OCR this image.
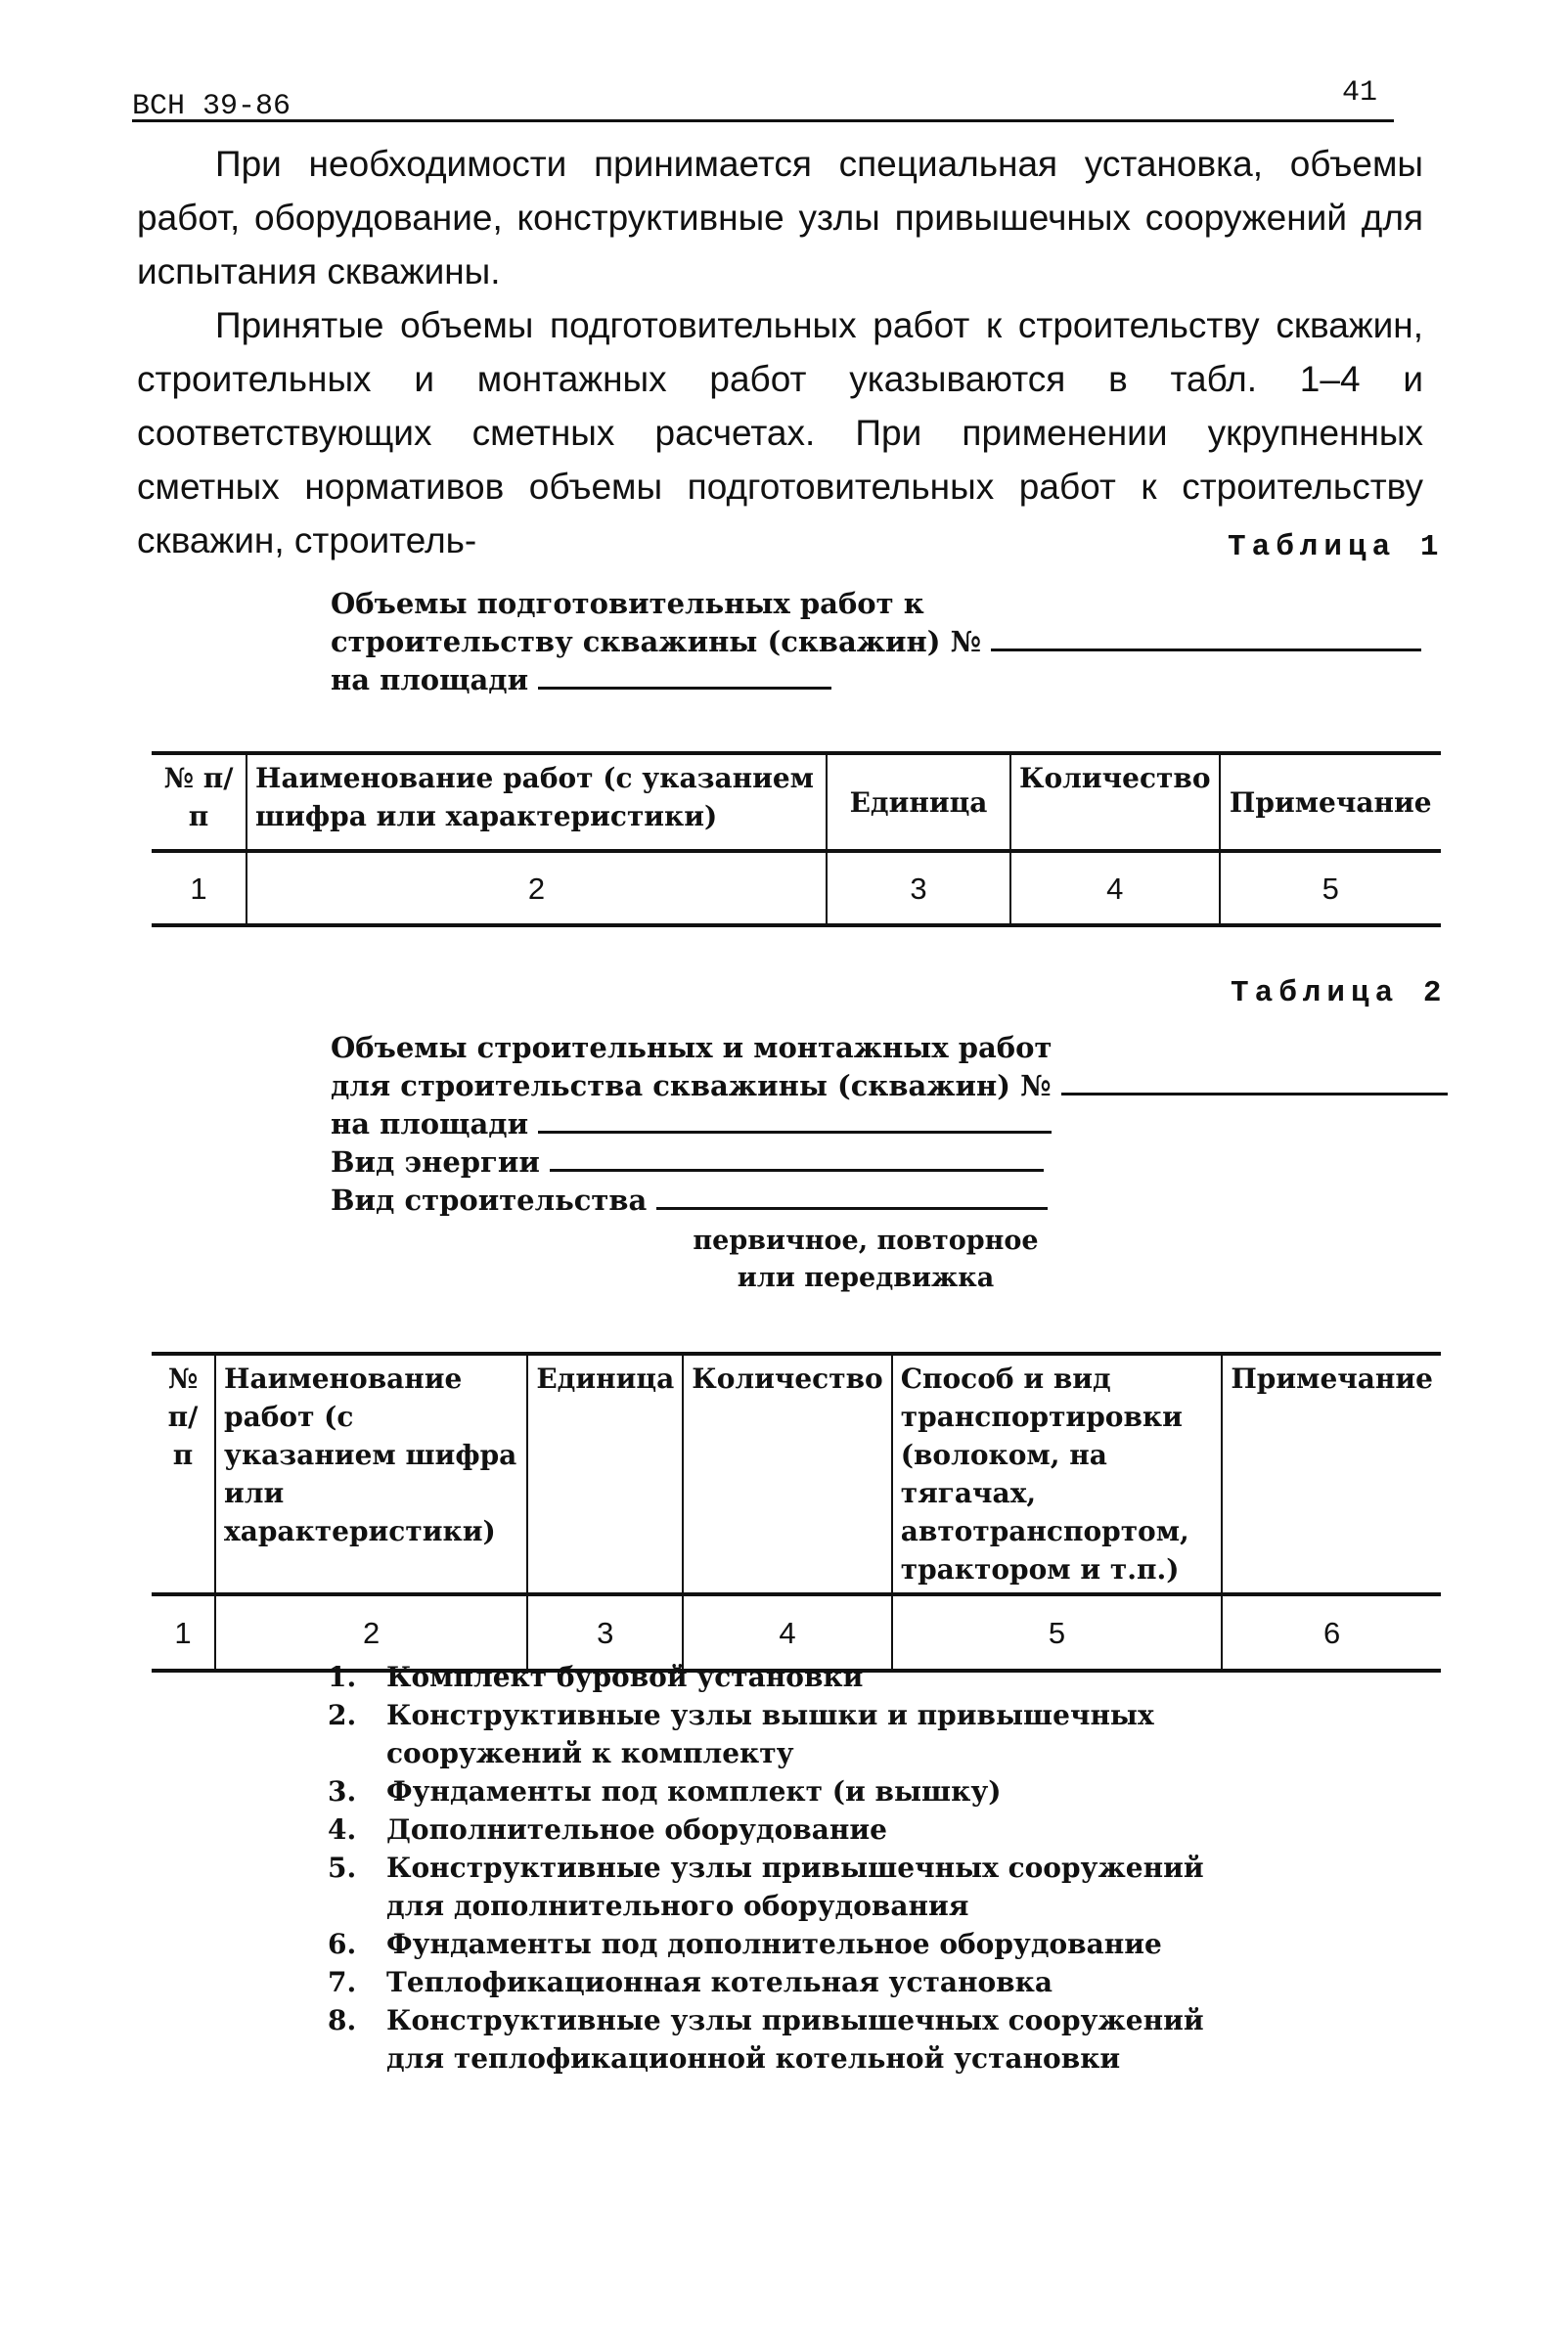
ВСН 39-86	41

При необходимости принимается специальная установка, объемы работ, оборудование, конструктивные узлы привышечных сооружений для испытания скважины.

Принятые объемы подготовительных работ к строительству скважин, строительных и монтажных работ указываются в табл. 1–4 и соответствующих сметных расчетах. При применении укрупненных сметных нормативов объемы подготовительных работ к строительству скважин, строитель-	Таблица 1
Объемы подготовительных работ к
строительству скважины (скважин) №
на площади
№ п/п	Наименование работ (с указанием шифра или характеристики)	Единица	Количество	Примечание
1	2	3	4	5
Таблица 2
Объемы строительных и монтажных работ
для строительства скважины (скважин) №
на площади
Вид энергии
Вид строительства
первичное, повторное
или передвижка
№ п/п	Наименование работ (с указанием шифра или характеристики)	Единица	Количество	Способ и вид транспортировки (волоком, на тягачах, автотранспортом, трактором и т.п.)	Примечание
1	2	3	4	5	6
1. Комплект буровой установки
2. Конструктивные узлы вышки и привышечных сооружений к комплекту
3. Фундаменты под комплект (и вышку)
4. Дополнительное оборудование
5. Конструктивные узлы привышечных сооружений для дополнительного оборудования
6. Фундаменты под дополнительное оборудование
7. Теплофикационная котельная установка
8. Конструктивные узлы привышечных сооружений для теплофикационной котельной установки
